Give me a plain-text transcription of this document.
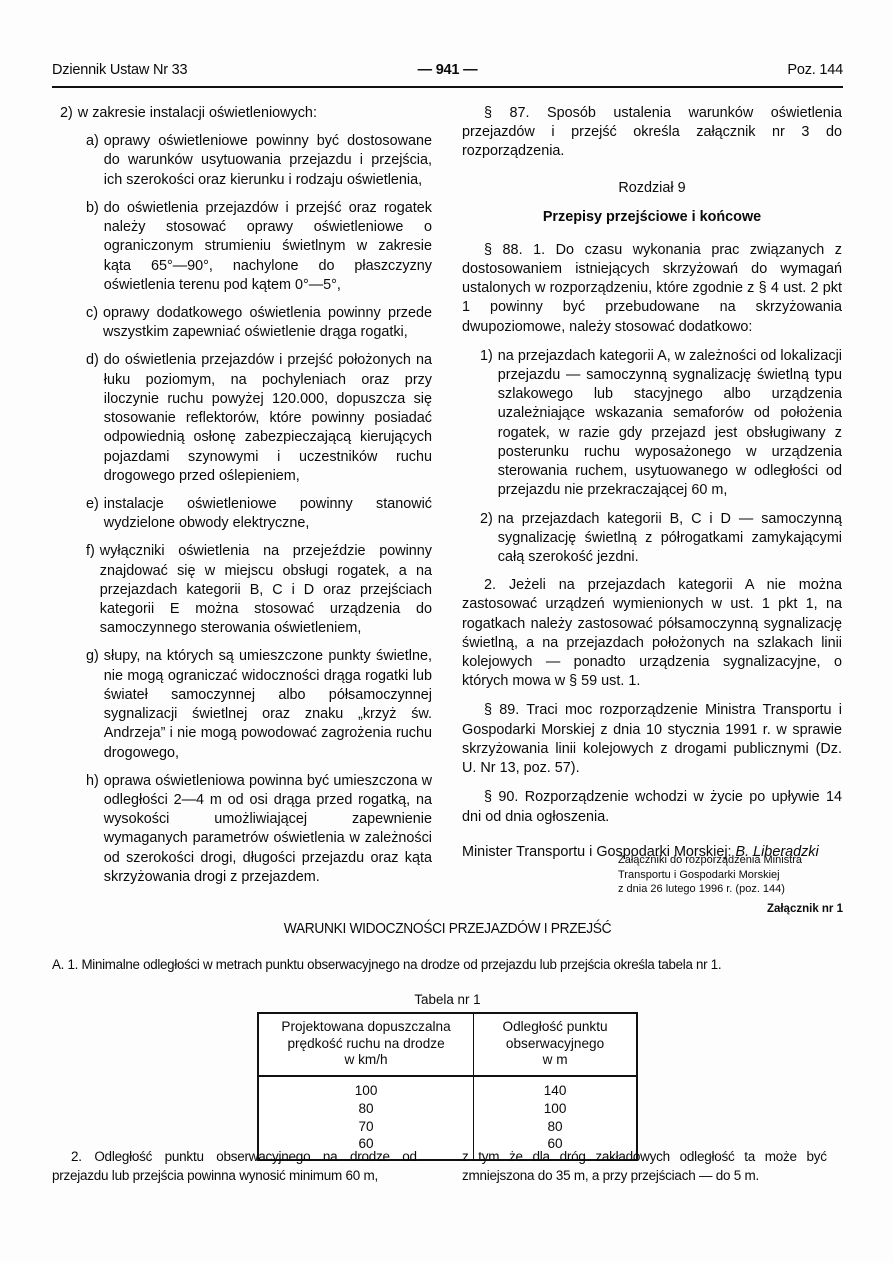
Dziennik Ustaw Nr 33	— 941 —	Poz. 144
2) w zakresie instalacji oświetleniowych:
a) oprawy oświetleniowe powinny być dostosowane do warunków usytuowania przejazdu i przejścia, ich szerokości oraz kierunku i rodzaju oświetlenia,
b) do oświetlenia przejazdów i przejść oraz rogatek należy stosować oprawy oświetleniowe o ograniczonym strumieniu świetlnym w zakresie kąta 65°—90°, nachylone do płaszczyzny oświetlenia terenu pod kątem 0°—5°,
c) oprawy dodatkowego oświetlenia powinny przede wszystkim zapewniać oświetlenie drąga rogatki,
d) do oświetlenia przejazdów i przejść położonych na łuku poziomym, na pochyleniach oraz przy iloczynie ruchu powyżej 120.000, dopuszcza się stosowanie reflektorów, które powinny posiadać odpowiednią osłonę zabezpieczającą kierujących pojazdami szynowymi i uczestników ruchu drogowego przed oślepieniem,
e) instalacje oświetleniowe powinny stanowić wydzielone obwody elektryczne,
f) wyłączniki oświetlenia na przejeździe powinny znajdować się w miejscu obsługi rogatek, a na przejazdach kategorii B, C i D oraz przejściach kategorii E można stosować urządzenia do samoczynnego sterowania oświetleniem,
g) słupy, na których są umieszczone punkty świetlne, nie mogą ograniczać widoczności drąga rogatki lub świateł samoczynnej albo półsamoczynnej sygnalizacji świetlnej oraz znaku „krzyż św. Andrzeja” i nie mogą powodować zagrożenia ruchu drogowego,
h) oprawa oświetleniowa powinna być umieszczona w odległości 2—4 m od osi drąga przed rogatką, na wysokości umożliwiającej zapewnienie wymaganych parametrów oświetlenia w zależności od szerokości drogi, długości przejazdu oraz kąta skrzyżowania drogi z przejazdem.

§ 87. Sposób ustalenia warunków oświetlenia przejazdów i przejść określa załącznik nr 3 do rozporządzenia.

Rozdział 9
Przepisy przejściowe i końcowe

§ 88. 1. Do czasu wykonania prac związanych z dostosowaniem istniejących skrzyżowań do wymagań ustalonych w rozporządzeniu, które zgodnie z § 4 ust. 2 pkt 1 powinny być przebudowane na skrzyżowania dwupoziomowe, należy stosować dodatkowo:

1) na przejazdach kategorii A, w zależności od lokalizacji przejazdu — samoczynną sygnalizację świetlną typu szlakowego lub stacyjnego albo urządzenia uzależniające wskazania semaforów od położenia rogatek, w razie gdy przejazd jest obsługiwany z posterunku ruchu wyposażonego w urządzenia sterowania ruchem, usytuowanego w odległości od przejazdu nie przekraczającej 60 m,
2) na przejazdach kategorii B, C i D — samoczynną sygnalizację świetlną z półrogatkami zamykającymi całą szerokość jezdni.

2. Jeżeli na przejazdach kategorii A nie można zastosować urządzeń wymienionych w ust. 1 pkt 1, na rogatkach należy zastosować półsamoczynną sygnalizację świetlną, a na przejazdach położonych na szlakach linii kolejowych — ponadto urządzenia sygnalizacyjne, o których mowa w § 59 ust. 1.

§ 89. Traci moc rozporządzenie Ministra Transportu i Gospodarki Morskiej z dnia 10 stycznia 1991 r. w sprawie skrzyżowania linii kolejowych z drogami publicznymi (Dz. U. Nr 13, poz. 57).

§ 90. Rozporządzenie wchodzi w życie po upływie 14 dni od dnia ogłoszenia.

Minister Transportu i Gospodarki Morskiej: B. Liberadzki
Załączniki do rozporządzenia Ministra
Transportu i Gospodarki Morskiej
z dnia 26 lutego 1996 r. (poz. 144)
Załącznik nr 1
WARUNKI WIDOCZNOŚCI PRZEJAZDÓW I PRZEJŚĆ
A. 1. Minimalne odległości w metrach punktu obserwacyjnego na drodze od przejazdu lub przejścia określa tabela nr 1.
Tabela nr 1
Projektowana dopuszczalna
prędkość ruchu na drodze
w km/h

Odległość punktu
obserwacyjnego
w m

100	140
80	100
70	80
60	60
2. Odległość punktu obserwacyjnego na drodze od przejazdu lub przejścia powinna wynosić minimum 60 m,
z tym że dla dróg zakładowych odległość ta może być zmniejszona do 35 m, a przy przejściach — do 5 m.
